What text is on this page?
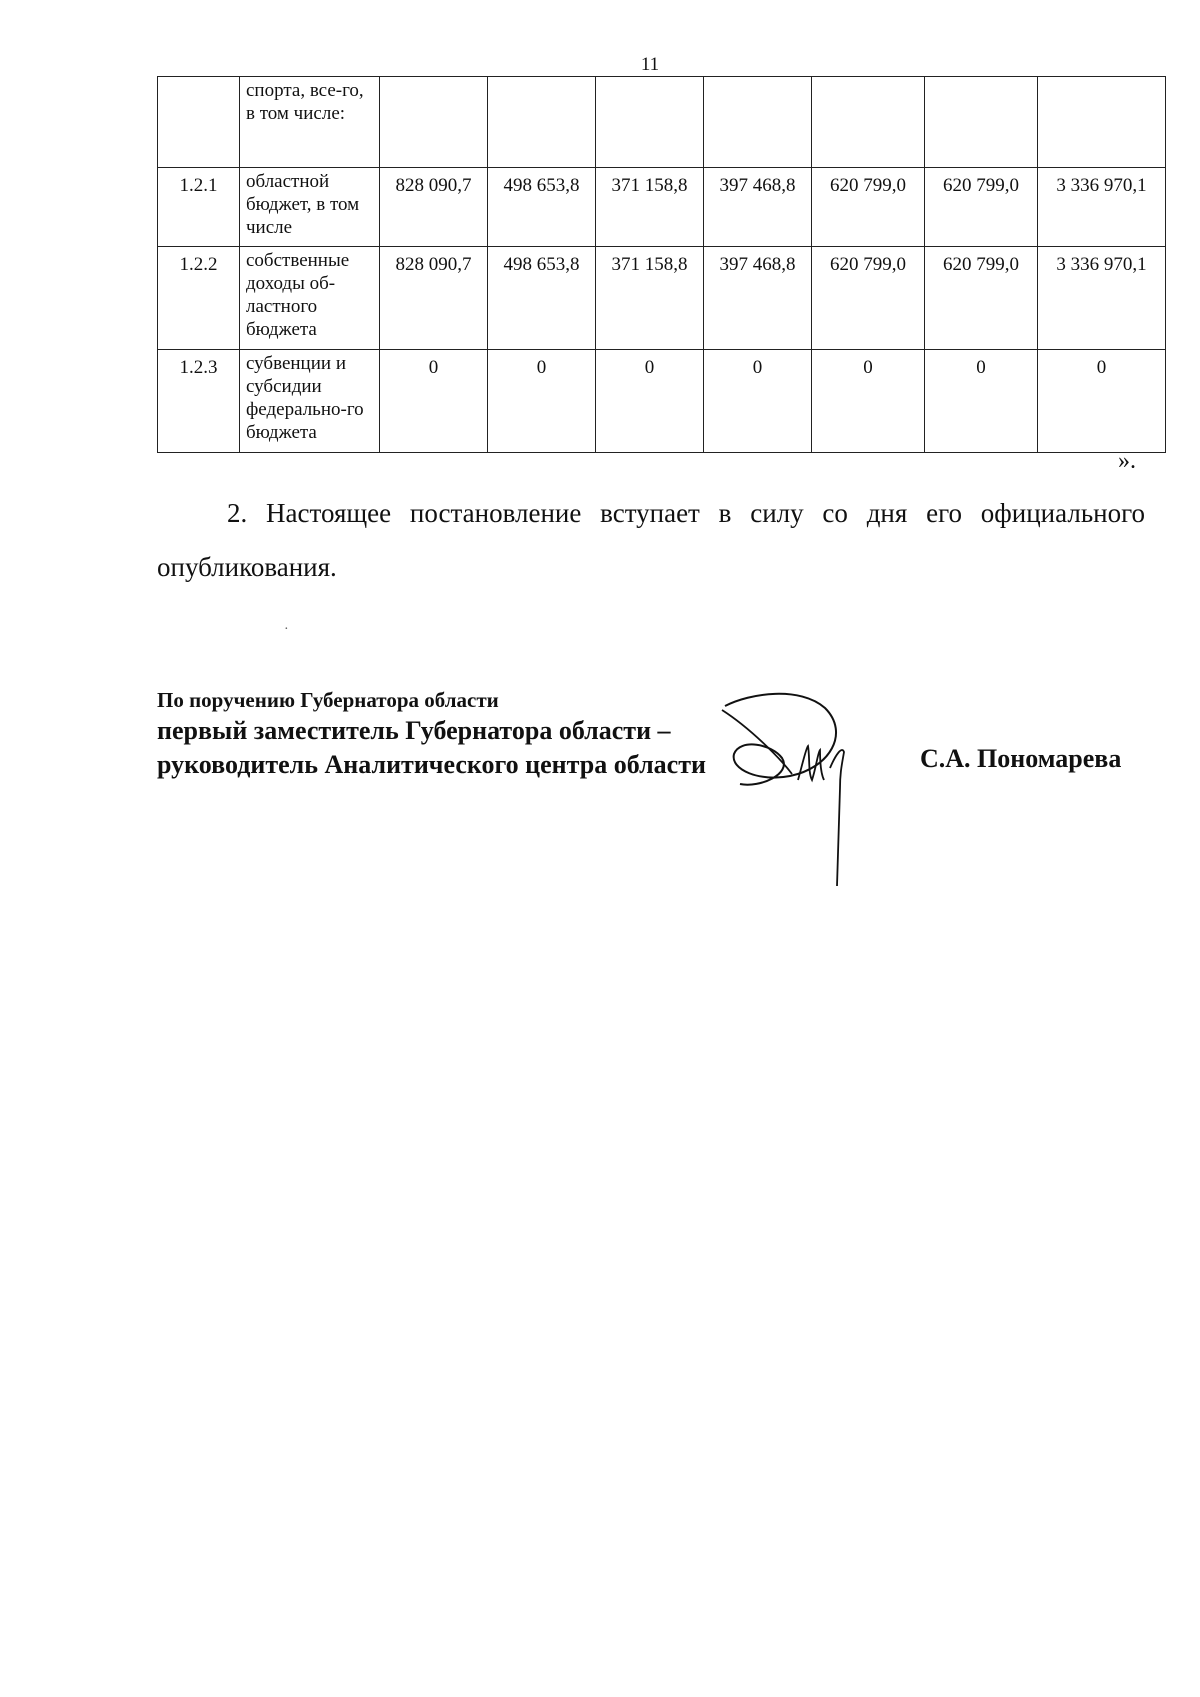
11
	спорта, все-го, в том числе:							
1.2.1	областной бюджет, в том числе	828 090,7	498 653,8	371 158,8	397 468,8	620 799,0	620 799,0	3 336 970,1
1.2.2	собственные доходы об-ластного бюджета	828 090,7	498 653,8	371 158,8	397 468,8	620 799,0	620 799,0	3 336 970,1
1.2.3	субвенции и субсидии федерально-го бюджета	0	0	0	0	0	0	0
».
2. Настоящее постановление вступает в силу со дня его официального опубликования.
·
По поручению Губернатора области
первый заместитель Губернатора области –
руководитель Аналитического центра области	С.А. Пономарева
